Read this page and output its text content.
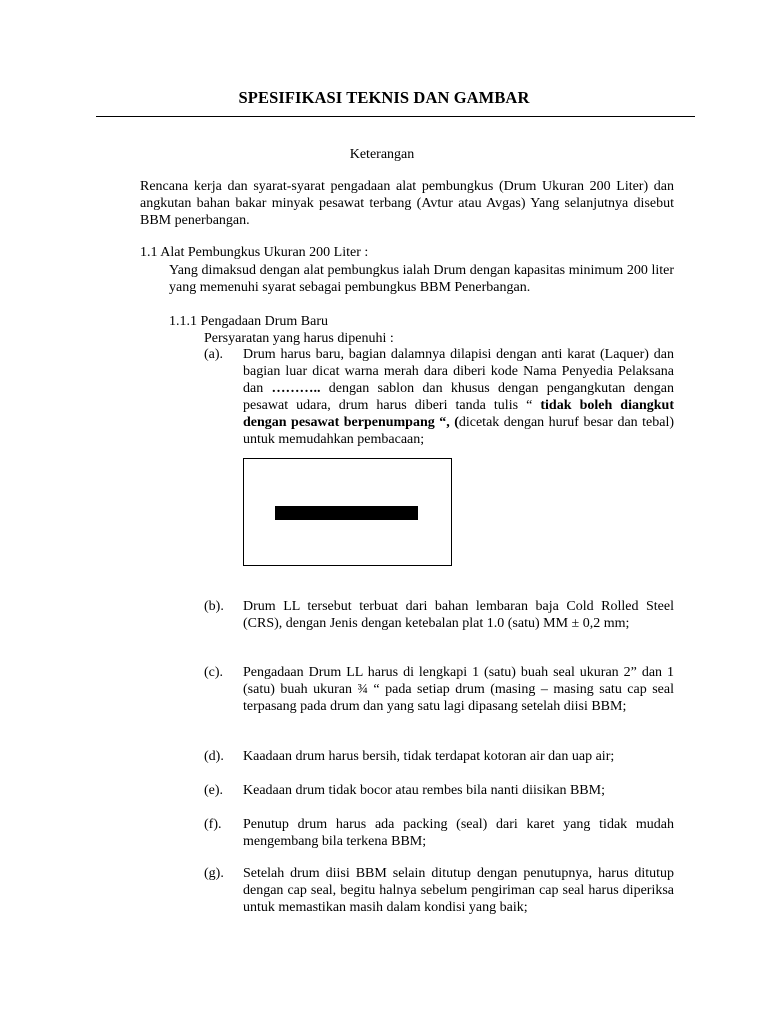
SPESIFIKASI TEKNIS DAN GAMBAR
Keterangan
Rencana kerja dan syarat-syarat pengadaan alat pembungkus (Drum Ukuran 200 Liter) dan angkutan bahan bakar minyak pesawat terbang (Avtur atau Avgas) Yang selanjutnya disebut BBM penerbangan.
1.1 Alat Pembungkus Ukuran 200 Liter :
Yang dimaksud dengan alat pembungkus ialah Drum dengan kapasitas minimum 200 liter yang memenuhi syarat sebagai pembungkus BBM Penerbangan.
1.1.1 Pengadaan Drum Baru
Persyaratan yang harus dipenuhi :
(a). Drum harus baru, bagian dalamnya dilapisi dengan anti karat (Laquer) dan bagian luar dicat warna merah dara diberi kode Nama Penyedia Pelaksana dan ……….. dengan sablon dan khusus dengan pengangkutan dengan pesawat udara, drum harus diberi tanda tulis “ tidak boleh diangkut dengan pesawat berpenumpang “, (dicetak dengan huruf besar dan tebal) untuk memudahkan pembacaan;
(b). Drum LL tersebut terbuat dari bahan lembaran baja Cold Rolled Steel (CRS), dengan Jenis dengan ketebalan plat 1.0 (satu) MM ± 0,2 mm;
(c). Pengadaan Drum LL harus di lengkapi 1 (satu) buah seal ukuran 2” dan 1 (satu) buah ukuran ¾ “ pada setiap drum (masing – masing satu cap seal terpasang pada drum dan yang satu lagi dipasang setelah diisi BBM;
(d). Kaadaan drum harus bersih, tidak terdapat kotoran air dan uap air;
(e). Keadaan drum tidak bocor atau rembes bila nanti diisikan BBM;
(f). Penutup drum harus ada packing (seal) dari karet yang tidak mudah mengembang bila terkena BBM;
(g). Setelah drum diisi BBM selain ditutup dengan penutupnya, harus ditutup dengan cap seal, begitu halnya sebelum pengiriman cap seal harus diperiksa untuk memastikan masih dalam kondisi yang baik;
